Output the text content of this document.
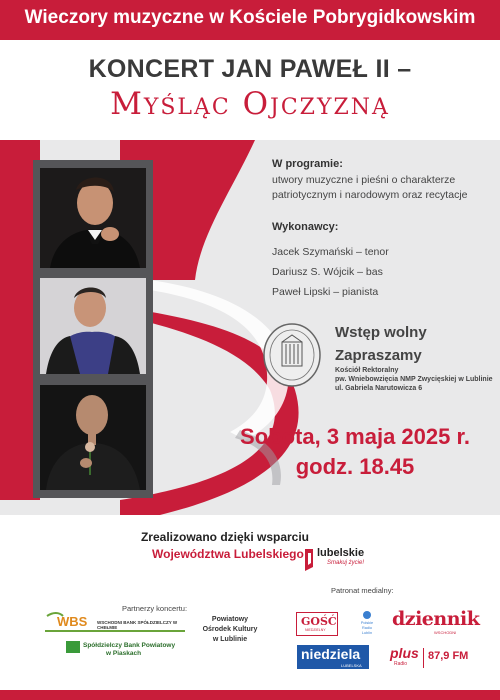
Wieczory muzyczne w Kościele Pobrygidkowskim
KONCERT JAN PAWEŁ II –
Myśląc Ojczyzną
W programie:
utwory muzyczne i pieśni o charakterze
patriotycznym i narodowym oraz recytacje
Wykonawcy:
Jacek Szymański – tenor
Dariusz S. Wójcik – bas
Paweł Lipski – pianista
Wstęp wolny
Zapraszamy
Kościół Rektoralny
pw. Wniebowzięcia NMP Zwycięskiej w Lublinie
ul. Gabriela Narutowicza 6
Sobota, 3 maja 2025 r.
godz. 18.45
Zrealizowano dzięki wsparciu
Województwa Lubelskiego lubelskie
Smakuj życie!
Partnerzy koncertu:
Patronat medialny:
WBS WSCHODNI BANK SPÓŁDZIELCZY W CHEŁMIE
Spółdzielczy Bank Powiatowy
w Piaskach
Powiatowy
Ośrodek Kultury
w Lublinie
GOŚĆ
NIEDZIELNY
Polskie
Radio
Lublin
dziennik
WSCHODNI
niedziela
LUBELSKA
plus
Radio
87,9 FM
